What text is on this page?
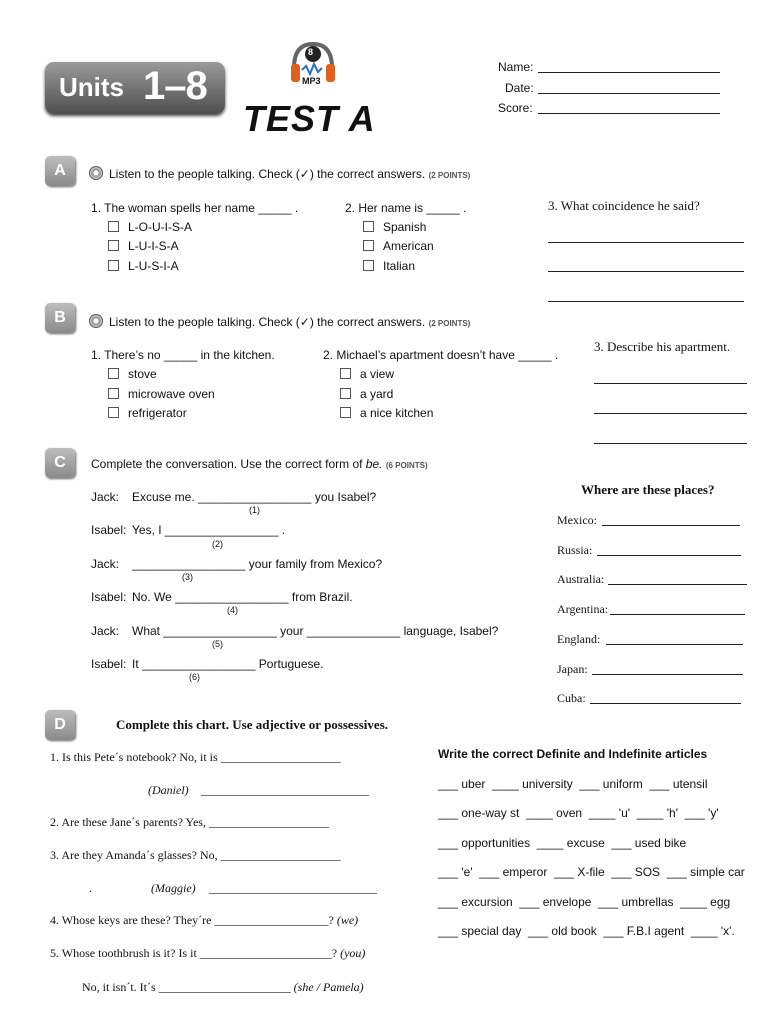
Units 1–8
8
MP3
TEST A
Name:
Date:
Score:
A	Listen to the people talking. Check (✓) the correct answers. (2 POINTS)
1. The woman spells her name _____ .
L-O-U-I-S-A
L-U-I-S-A
L-U-S-I-A
2. Her name is _____ .
Spanish
American
Italian
3. What coincidence he said?
B	Listen to the people talking. Check (✓) the correct answers. (2 POINTS)
1. There’s no _____ in the kitchen.
stove
microwave oven
refrigerator
2. Michael’s apartment doesn’t have _____ .
a view
a yard
a nice kitchen
3. Describe his apartment.
C	Complete the conversation. Use the correct form of be. (6 POINTS)
Jack: Excuse me. _________________ you Isabel?
(1)
Isabel: Yes, I _________________ .
(2)
Jack: _________________ your family from Mexico?
(3)
Isabel: No. We _________________ from Brazil.
(4)
Jack: What _________________ your ______________ language, Isabel?
(5)
Isabel: It _________________ Portuguese.
(6)
Where are these places?
Mexico:
Russia:
Australia:
Argentina:
England:
Japan:
Cuba:
D	Complete this chart. Use adjective or possessives.
1. Is this Pete´s notebook? No, it is ____________________
(Daniel) ____________________________
2. Are these Jane´s parents? Yes, ____________________
3. Are they Amanda´s glasses? No, ____________________
.	(Maggie) ____________________________
4. Whose keys are these? They´re ___________________? (we)
5. Whose toothbrush is it? Is it ______________________? (you)
No, it isn´t. It´s ______________________ (she / Pamela)
Write the correct Definite and Indefinite articles
___ uber  ____ university  ___ uniform  ___ utensil
___ one-way st  ____ oven  ____ 'u'  ____ 'h'  ___ 'y'
___ opportunities  ____ excuse  ___ used bike
___ 'e'  ___ emperor  ___ X-file  ___ SOS  ___ simple car
___ excursion  ___ envelope  ___ umbrellas  ____ egg
___ special day  ___ old book  ___ F.B.I agent  ____ 'x'.
